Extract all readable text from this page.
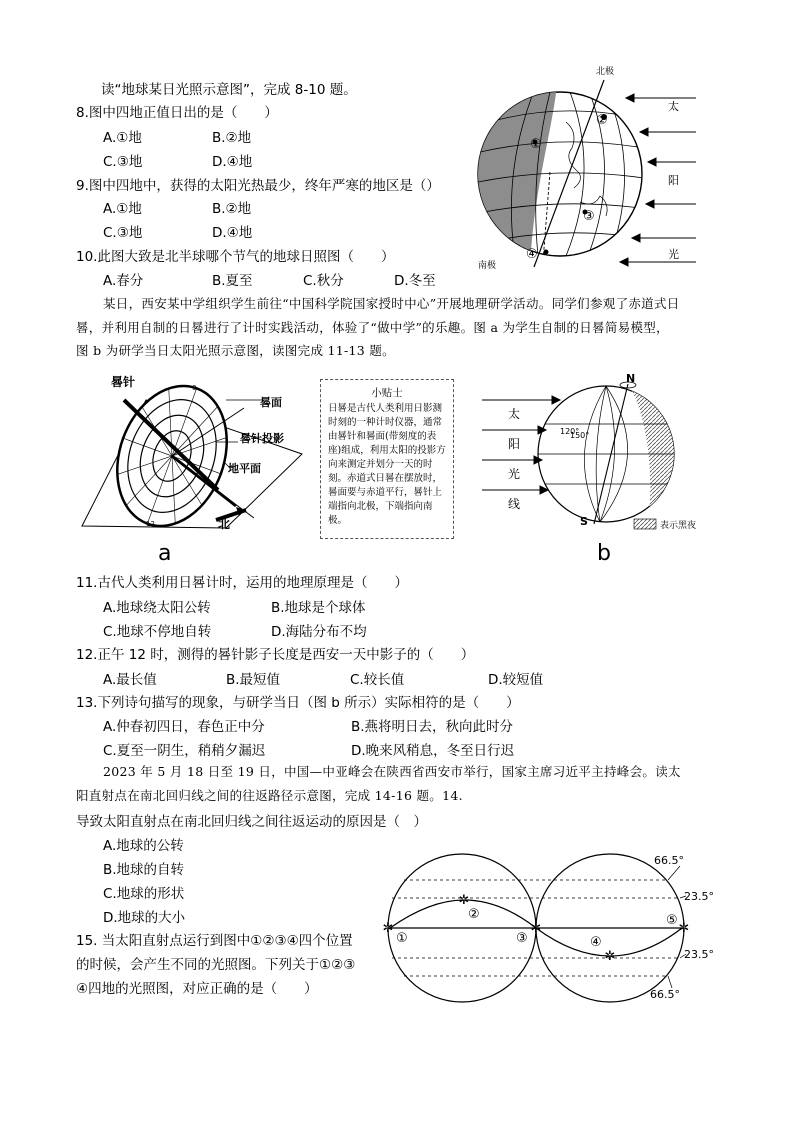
读“地球某日光照示意图”，完成 8-10 题。
8.图中四地正值日出的是（　　）
A.①地	B.②地
C.③地	D.④地
9.图中四地中，获得的太阳光热最少，终年严寒的地区是（）
A.①地	B.②地
C.③地	D.④地
10.此图大致是北半球哪个节气的地球日照图（　　）
A.春分	B.夏至	C.秋分	D.冬至
北极
南极
①
②
③
④
太
阳
光
某日，西安某中学组织学生前往“中国科学院国家授时中心”开展地理研学活动。同学们参观了赤道式日
晷，并利用自制的日晷进行了计时实践活动，体验了“做中学”的乐趣。图 a 为学生自制的日晷简易模型，
图 b 为研学当日太阳光照示意图，读图完成 11-13 题。
晷针
晷面
晷针投影
地平面
0
12	北
a
小贴士
日晷是古代人类利用日影测时刻的一种计时仪器，通常由晷针和晷面(带刻度的表座)组成，利用太阳的投影方向来测定并划分一天的时刻。赤道式日晷在摆放时，晷面要与赤道平行，晷针上端指向北极，下端指向南极。
N
S
120°
150°
太
阳
光
线
表示黑夜
b
11.古代人类利用日晷计时，运用的地理原理是（　　）
A.地球绕太阳公转	B.地球是个球体
C.地球不停地自转	D.海陆分布不均
12.正午 12 时，测得的晷针影子长度是西安一天中影子的（　　）
A.最长值	B.最短值	C.较长值	D.较短值
13.下列诗句描写的现象，与研学当日（图 b 所示）实际相符的是（　　）
A.仲春初四日，春色正中分	B.燕将明日去，秋向此时分
C.夏至一阴生，稍稍夕漏迟	D.晚来风稍息，冬至日行迟
2023 年 5 月 18 日至 19 日，中国—中亚峰会在陕西省西安市举行，国家主席习近平主持峰会。读太
阳直射点在南北回归线之间的往返路径示意图，完成 14-16 题。14.
导致太阳直射点在南北回归线之间往返运动的原因是（　）
A.地球的公转
B.地球的自转
C.地球的形状
D.地球的大小
15. 当太阳直射点运行到图中①②③④四个位置
的时候，会产生不同的光照图。下列关于①②③
④四地的光照图，对应正确的是（　　）
✲
✲
✲
✲
✲
①
②
③	④
⑤
66.5°
23.5°
23.5°
66.5°
